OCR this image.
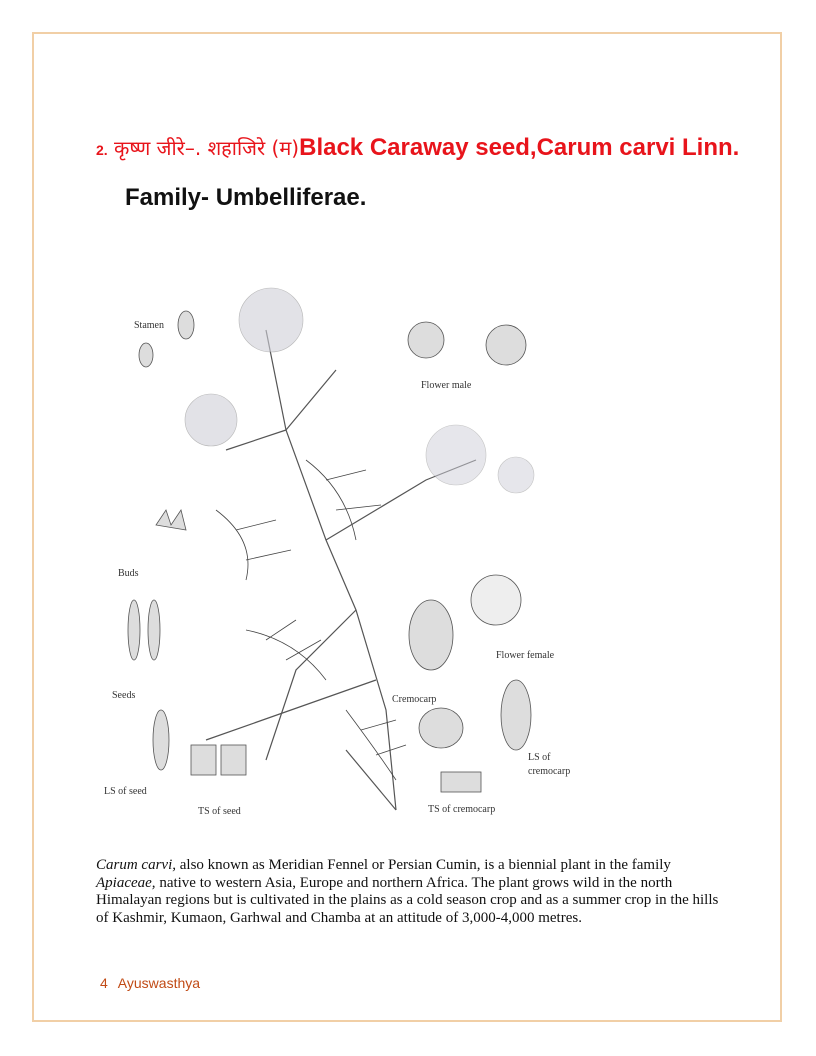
2. कृष्ण जीरे–. शहाजिरे (म)Black Caraway seed,Carum carvi Linn.
Family- Umbelliferae.
Stamen
Flower male
Buds
Seeds
Flower female
Cremocarp
LS of seed
TS of seed	TS of cremocarp
LS of
cremocarp

Carum carvi, also known as Meridian Fennel or Persian Cumin, is a biennial plant in the family Apiaceae, native to western Asia, Europe and northern Africa. The plant grows wild in the north Himalayan regions but is cultivated in the plains as a cold season crop and as a summer crop in the hills of Kashmir, Kumaon, Garhwal and Chamba at an attitude of 3,000-4,000 metres.

4 Ayuswasthya
